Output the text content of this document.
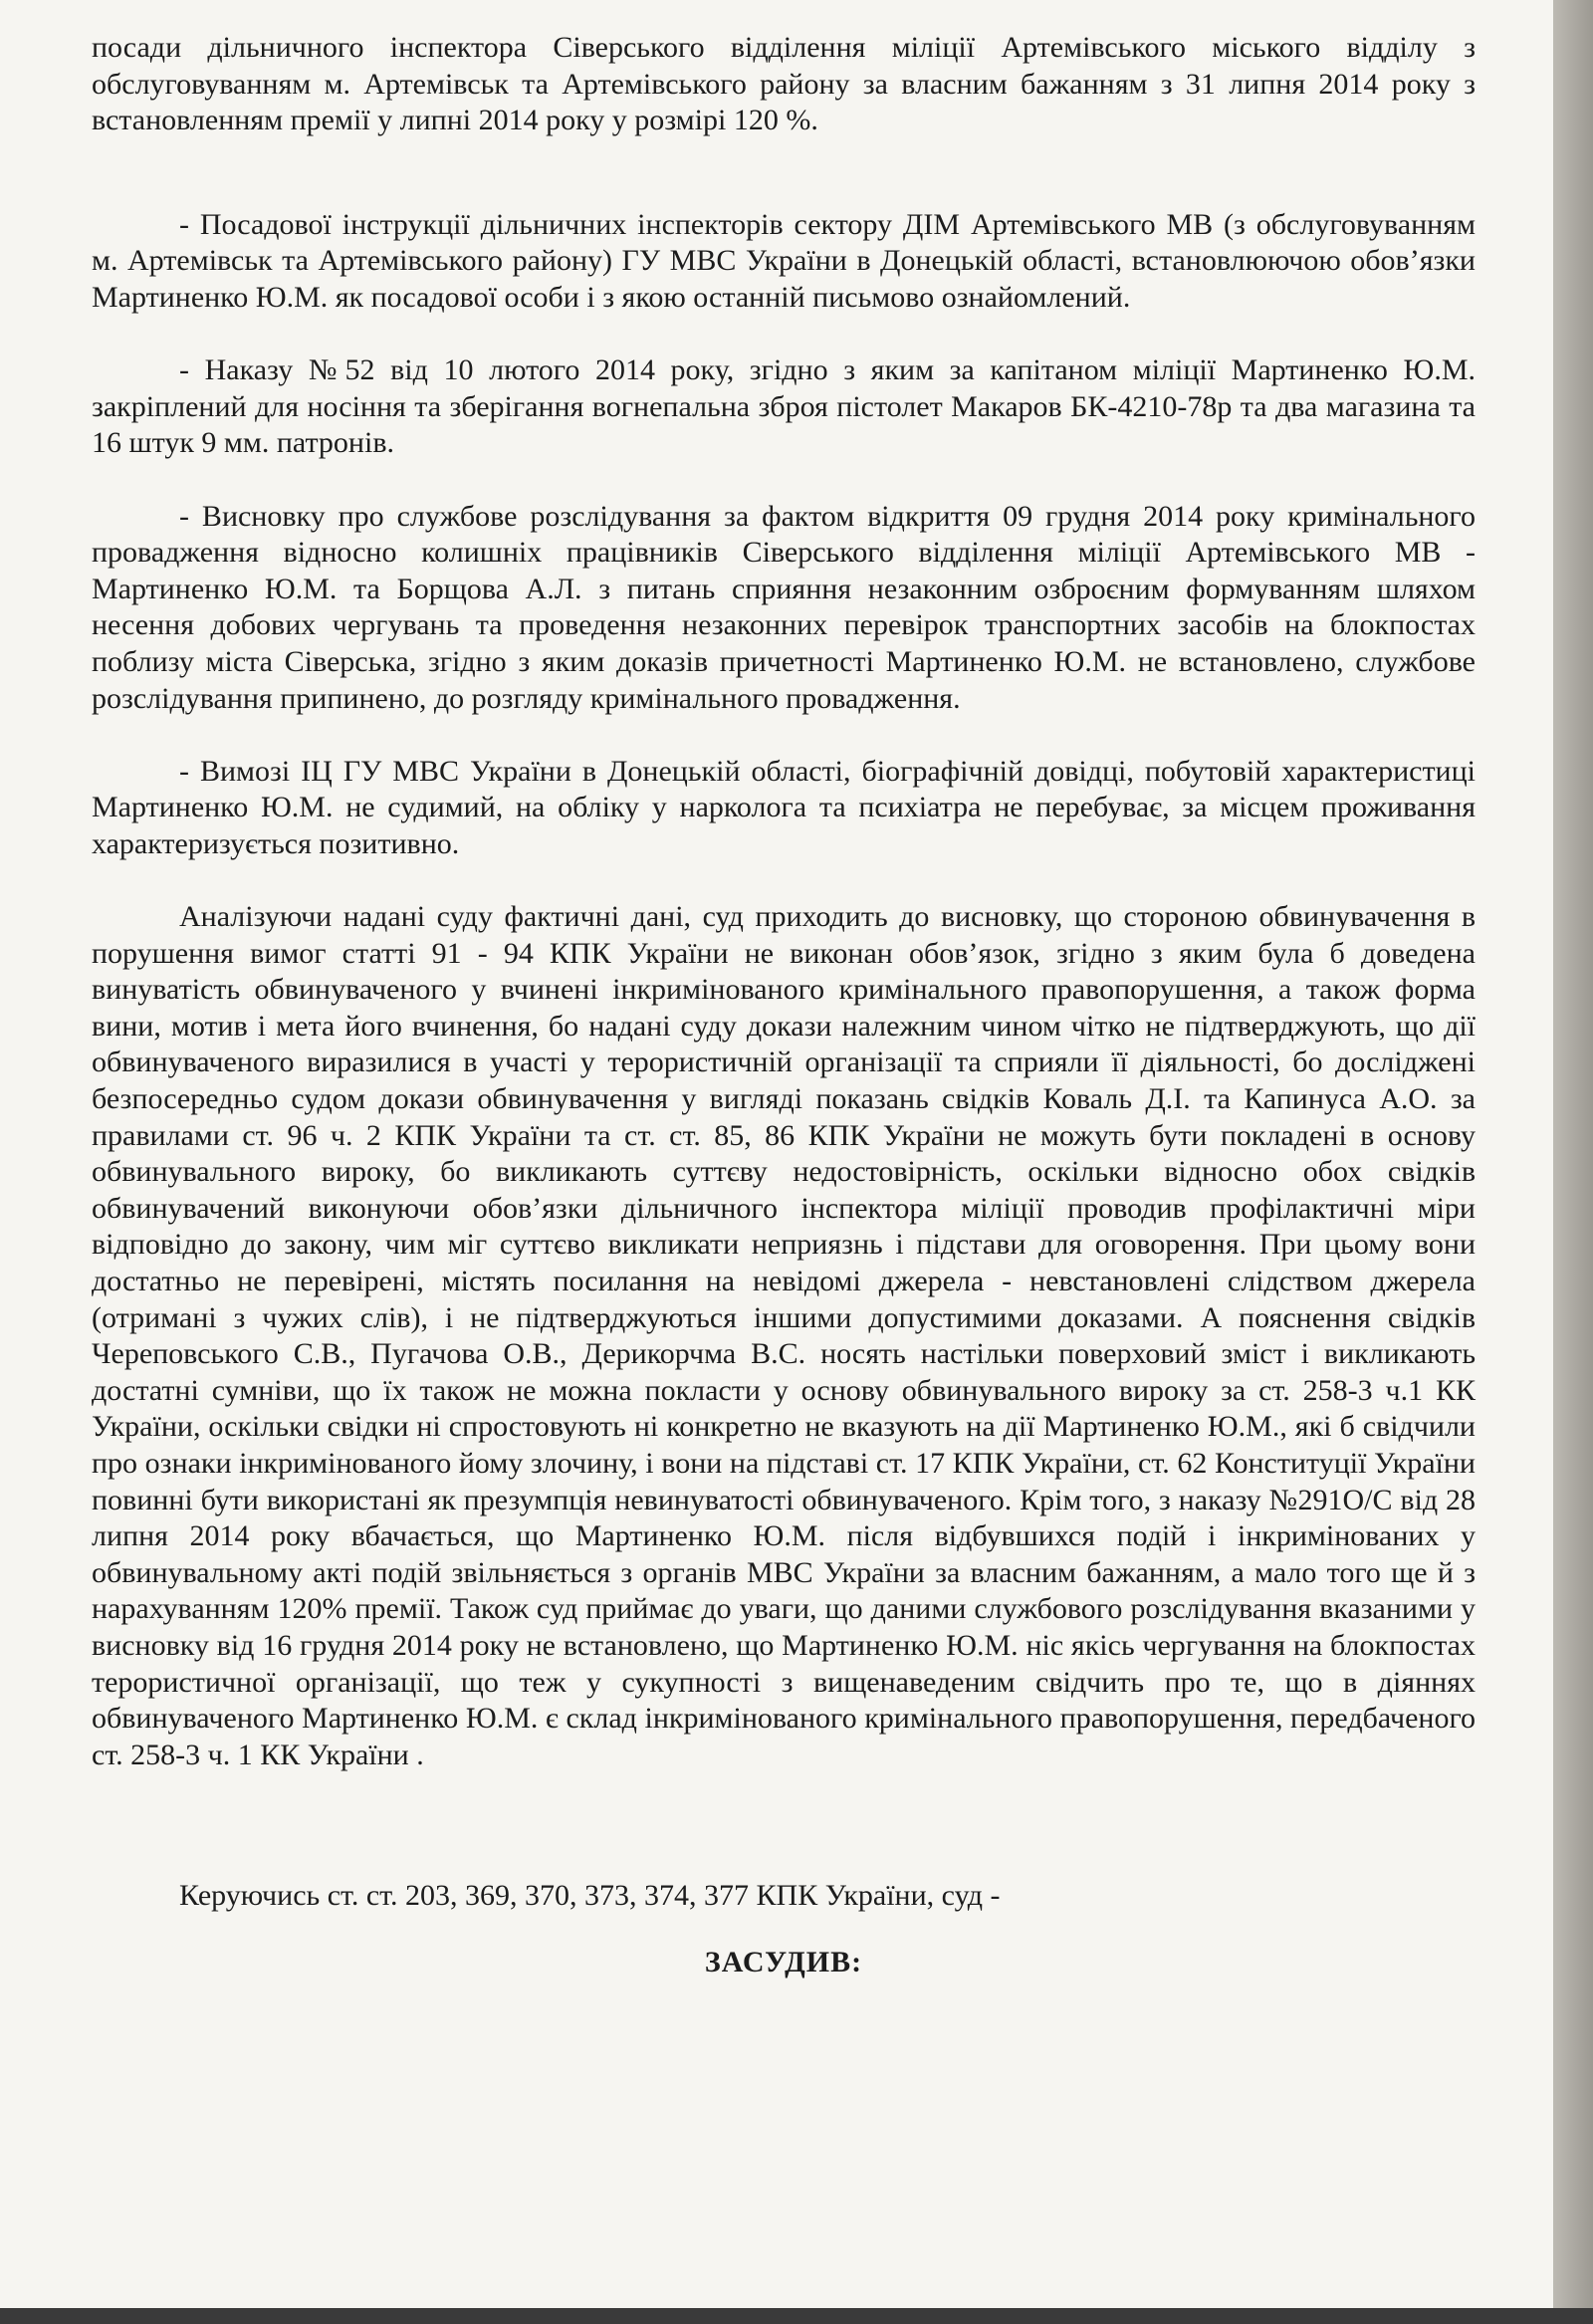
посади дільничного інспектора Сіверського відділення міліції Артемівського міського відділу з обслуговуванням м. Артемівськ та Артемівського району за власним бажанням з 31 липня 2014 року з встановленням премії у липні 2014 року у розмірі 120 %.

- Посадової інструкції дільничних інспекторів сектору ДІМ Артемівського МВ (з обслуговуванням м. Артемівськ та Артемівського району) ГУ МВС України в Донецькій області, встановлюючою обов’язки Мартиненко Ю.М. як посадової особи і з якою останній письмово ознайомлений.

- Наказу №52 від 10 лютого 2014 року, згідно з яким за капітаном міліції Мартиненко Ю.М. закріплений для носіння та зберігання вогнепальна зброя пістолет Макаров БК-4210-78р та два магазина та 16 штук 9 мм. патронів.

- Висновку про службове розслідування за фактом відкриття 09 грудня 2014 року кримінального провадження відносно колишніх працівників Сіверського відділення міліції Артемівського МВ - Мартиненко Ю.М. та Борщова А.Л. з питань сприяння незаконним озброєним формуванням шляхом несення добових чергувань та проведення незаконних перевірок транспортних засобів на блокпостах поблизу міста Сіверська, згідно з яким доказів причетності Мартиненко Ю.М. не встановлено, службове розслідування припинено, до розгляду кримінального провадження.

- Вимозі ІЦ ГУ МВС України в Донецькій області, біографічній довідці, побутовій характеристиці Мартиненко Ю.М. не судимий, на обліку у нарколога та психіатра не перебуває, за місцем проживання характеризується позитивно.

Аналізуючи надані суду фактичні дані, суд приходить до висновку, що стороною обвинувачення в порушення вимог статті 91 - 94 КПК України не виконан обов’язок, згідно з яким була б доведена винуватість обвинуваченого у вчинені інкримінованого кримінального правопорушення, а також форма вини, мотив і мета його вчинення, бо надані суду докази належним чином чітко не підтверджують, що дії обвинуваченого виразилися в участі у терористичній організації та сприяли її діяльності, бо досліджені безпосередньо судом докази обвинувачення у вигляді показань свідків Коваль Д.І. та Капинуса А.О. за правилами ст. 96 ч. 2 КПК України та ст. ст. 85, 86 КПК України не можуть бути покладені в основу обвинувального вироку, бо викликають суттєву недостовірність, оскільки відносно обох свідків обвинувачений виконуючи обов’язки дільничного інспектора міліції проводив профілактичні міри відповідно до закону, чим міг суттєво викликати неприязнь і підстави для оговорення. При цьому вони достатньо не перевірені, містять посилання на невідомі джерела - невстановлені слідством джерела (отримані з чужих слів), і не підтверджуються іншими допустимими доказами. А пояснення свідків Череповського С.В., Пугачова О.В., Дерикорчма В.С. носять настільки поверховий зміст і викликають достатні сумніви, що їх також не можна покласти у основу обвинувального вироку за ст. 258-3 ч.1 КК України, оскільки свідки ні спростовують ні конкретно не вказують на дії Мартиненко Ю.М., які б свідчили про ознаки інкримінованого йому злочину, і вони на підставі ст. 17 КПК України, ст. 62 Конституції України повинні бути використані як презумпція невинуватості обвинуваченого. Крім того, з наказу №291О/С від 28 липня 2014 року вбачається, що Мартиненко Ю.М. після відбувшихся подій і інкримінованих у обвинувальному акті подій звільняється з органів МВС України за власним бажанням, а мало того ще й з нарахуванням 120% премії. Також суд приймає до уваги, що даними службового розслідування вказаними у висновку від 16 грудня 2014 року не встановлено, що Мартиненко Ю.М. ніс якісь чергування на блокпостах терористичної організації, що теж у сукупності з вищенаведеним свідчить про те, що в діяннях обвинуваченого Мартиненко Ю.М. є склад інкримінованого кримінального правопорушення, передбаченого ст. 258-3 ч. 1 КК України .

Керуючись ст. ст. 203, 369, 370, 373, 374, 377 КПК України, суд -

ЗАСУДИВ:
